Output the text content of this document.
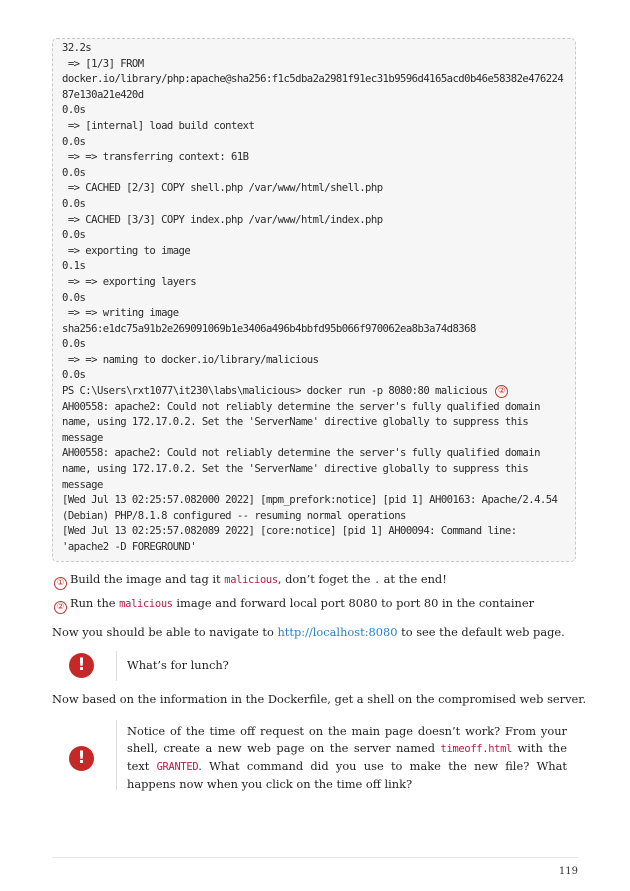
32.2s
=> [1/3] FROM
docker.io/library/php:apache@sha256:f1c5dba2a2981f91ec31b9596d4165acd0b46e58382e476224
87e130a21e420d
0.0s
=> [internal] load build context
0.0s
=> => transferring context: 61B
0.0s
=> CACHED [2/3] COPY shell.php /var/www/html/shell.php
0.0s
=> CACHED [3/3] COPY index.php /var/www/html/index.php
0.0s
=> exporting to image
0.1s
=> => exporting layers
0.0s
=> => writing image
sha256:e1dc75a91b2e269091069b1e3406a496b4bbfd95b066f970062ea8b3a74d8368
0.0s
=> => naming to docker.io/library/malicious
0.0s
PS C:\Users\rxt1077\it230\labs\malicious> docker run -p 8080:80 malicious ②
AH00558: apache2: Could not reliably determine the server's fully qualified domain
name, using 172.17.0.2. Set the 'ServerName' directive globally to suppress this
message
AH00558: apache2: Could not reliably determine the server's fully qualified domain
name, using 172.17.0.2. Set the 'ServerName' directive globally to suppress this
message
[Wed Jul 13 02:25:57.082000 2022] [mpm_prefork:notice] [pid 1] AH00163: Apache/2.4.54
(Debian) PHP/8.1.8 configured -- resuming normal operations
[Wed Jul 13 02:25:57.082089 2022] [core:notice] [pid 1] AH00094: Command line:
'apache2 -D FOREGROUND'
① Build the image and tag it malicious, don’t foget the . at the end!
② Run the malicious image and forward local port 8080 to port 80 in the container
Now you should be able to navigate to http://localhost:8080 to see the default web page.
!	What’s for lunch?
Now based on the information in the Dockerfile, get a shell on the compromised web server.
!
Notice of the time off request on the main page doesn’t work? From your shell, create a new web page on the server named timeoff.html with the text GRANTED. What command did you use to make the new file? What happens now when you click on the time off link?
119
